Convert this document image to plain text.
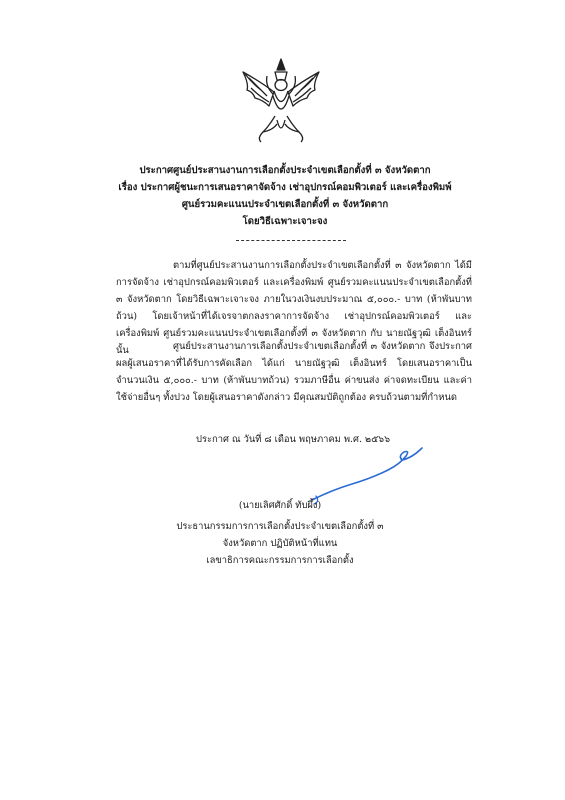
ประกาศศูนย์ประสานงานการเลือกตั้งประจำเขตเลือกตั้งที่ ๓ จังหวัดตาก
เรื่อง ประกาศผู้ชนะการเสนอราคาจัดจ้าง เช่าอุปกรณ์คอมพิวเตอร์ และเครื่องพิมพ์
ศูนย์รวมคะแนนประจำเขตเลือกตั้งที่ ๓ จังหวัดตาก
โดยวิธีเฉพาะเจาะจง
ตามที่ศูนย์ประสานงานการเลือกตั้งประจำเขตเลือกตั้งที่ ๓ จังหวัดตาก ได้มีการจัดจ้าง เช่าอุปกรณ์คอมพิวเตอร์ และเครื่องพิมพ์ ศูนย์รวมคะแนนประจำเขตเลือกตั้งที่ ๓ จังหวัดตาก โดยวิธีเฉพาะเจาะจง ภายในวงเงินงบประมาณ ๕,๐๐๐.- บาท (ห้าพันบาทถ้วน) โดยเจ้าหน้าที่ได้เจรจาตกลงราคาการจัดจ้าง เช่าอุปกรณ์คอมพิวเตอร์ และเครื่องพิมพ์ ศูนย์รวมคะแนนประจำเขตเลือกตั้งที่ ๓ จังหวัดตาก กับ นายณัฐวุฒิ เต็งอินทร์ นั้น	ศูนย์ประสานงานการเลือกตั้งประจำเขตเลือกตั้งที่ ๓ จังหวัดตาก จึงประกาศผลผู้เสนอราคาที่ได้รับการคัดเลือก ได้แก่ นายณัฐวุฒิ เต็งอินทร์ โดยเสนอราคาเป็นจำนวนเงิน ๕,๐๐๐.- บาท (ห้าพันบาทถ้วน) รวมภาษีอื่น ค่าขนส่ง ค่าจดทะเบียน และค่าใช้จ่ายอื่นๆ ทั้งปวง โดยผู้เสนอราคาดังกล่าว มีคุณสมบัติถูกต้อง ครบถ้วนตามที่กำหนด
ประกาศ ณ วันที่ ๘ เดือน พฤษภาคม พ.ศ. ๒๕๖๖
(นายเลิศศักดิ์ ทับผึ้ง)
ประธานกรรมการการเลือกตั้งประจำเขตเลือกตั้งที่ ๓
จังหวัดตาก ปฏิบัติหน้าที่แทน
เลขาธิการคณะกรรมการการเลือกตั้ง
